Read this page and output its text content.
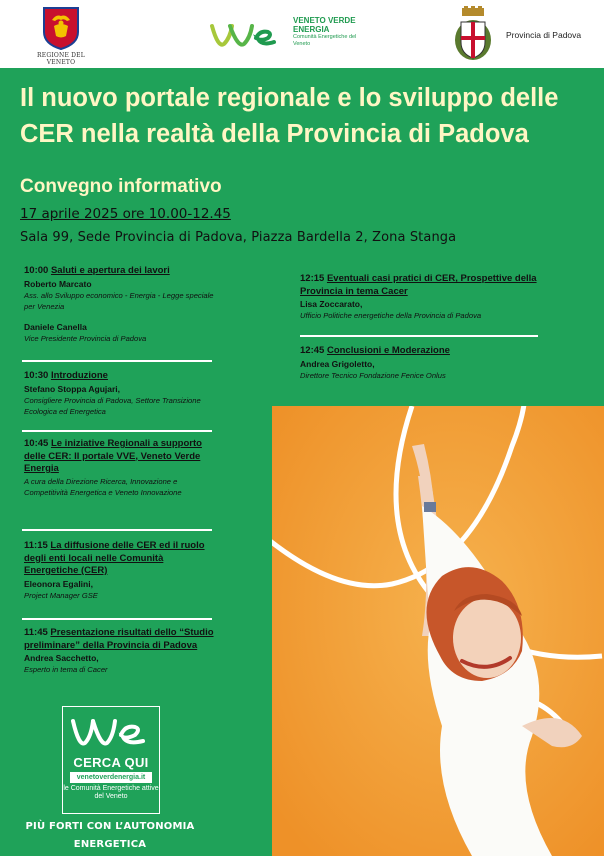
REGIONE DEL VENETO
VENETO VERDE ENERGIA
Comunità Energetiche del Veneto
Provincia di Padova
Il nuovo portale regionale e lo sviluppo delle CER nella realtà della Provincia di Padova
Convegno informativo
17 aprile 2025 ore 10.00-12.45
Sala 99, Sede Provincia di Padova, Piazza Bardella 2, Zona Stanga
10:00 Saluti e apertura dei lavori
Roberto Marcato
Ass. allo Sviluppo economico - Energia - Legge speciale per Venezia
Daniele Canella
Vice Presidente Provincia di Padova
10:30 Introduzione
Stefano Stoppa Agujari,
Consigliere Provincia di Padova, Settore Transizione Ecologica ed Energetica
10:45 Le iniziative Regionali a supporto delle CER: Il portale VVE, Veneto Verde Energia
A cura della Direzione Ricerca, Innovazione e Competitività Energetica e Veneto Innovazione
11:15 La diffusione delle CER ed il ruolo degli enti locali nelle Comunità Energetiche (CER)
Eleonora Egalini,
Project Manager GSE
11:45 Presentazione risultati dello “Studio preliminare” della Provincia di Padova
Andrea Sacchetto,
Esperto in tema di Cacer
12:15 Eventuali casi pratici di CER, Prospettive della Provincia in tema Cacer
Lisa Zoccarato,
Ufficio Politiche energetiche della Provincia di Padova
12:45 Conclusioni e Moderazione
Andrea Grigoletto,
Direttore Tecnico Fondazione Fenice Onlus
CERCA QUI
venetoverdenergia.it
le Comunità Energetiche attive del Veneto
PIÙ FORTI CON L’AUTONOMIA ENERGETICA
